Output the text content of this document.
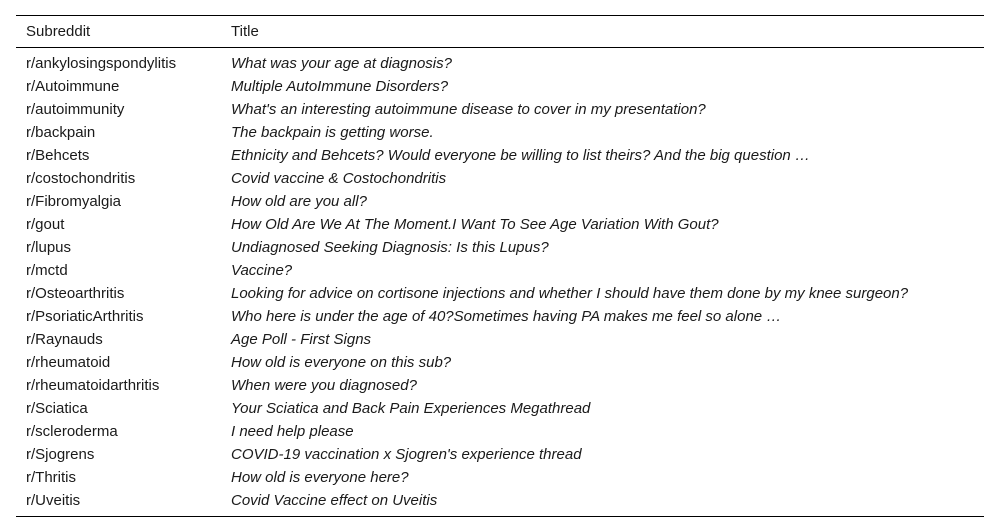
Subreddit	Title
r/ankylosingspondylitis	What was your age at diagnosis?
r/Autoimmune	Multiple AutoImmune Disorders?
r/autoimmunity	What's an interesting autoimmune disease to cover in my presentation?
r/backpain	The backpain is getting worse.
r/Behcets	Ethnicity and Behcets? Would everyone be willing to list theirs? And the big question …
r/costochondritis	Covid vaccine & Costochondritis
r/Fibromyalgia	How old are you all?
r/gout	How Old Are We At The Moment.I Want To See Age Variation With Gout?
r/lupus	Undiagnosed Seeking Diagnosis: Is this Lupus?
r/mctd	Vaccine?
r/Osteoarthritis	Looking for advice on cortisone injections and whether I should have them done by my knee surgeon?
r/PsoriaticArthritis	Who here is under the age of 40?Sometimes having PA makes me feel so alone …
r/Raynauds	Age Poll - First Signs
r/rheumatoid	How old is everyone on this sub?
r/rheumatoidarthritis	When were you diagnosed?
r/Sciatica	Your Sciatica and Back Pain Experiences Megathread
r/scleroderma	I need help please
r/Sjogrens	COVID-19 vaccination x Sjogren's experience thread
r/Thritis	How old is everyone here?
r/Uveitis	Covid Vaccine effect on Uveitis
